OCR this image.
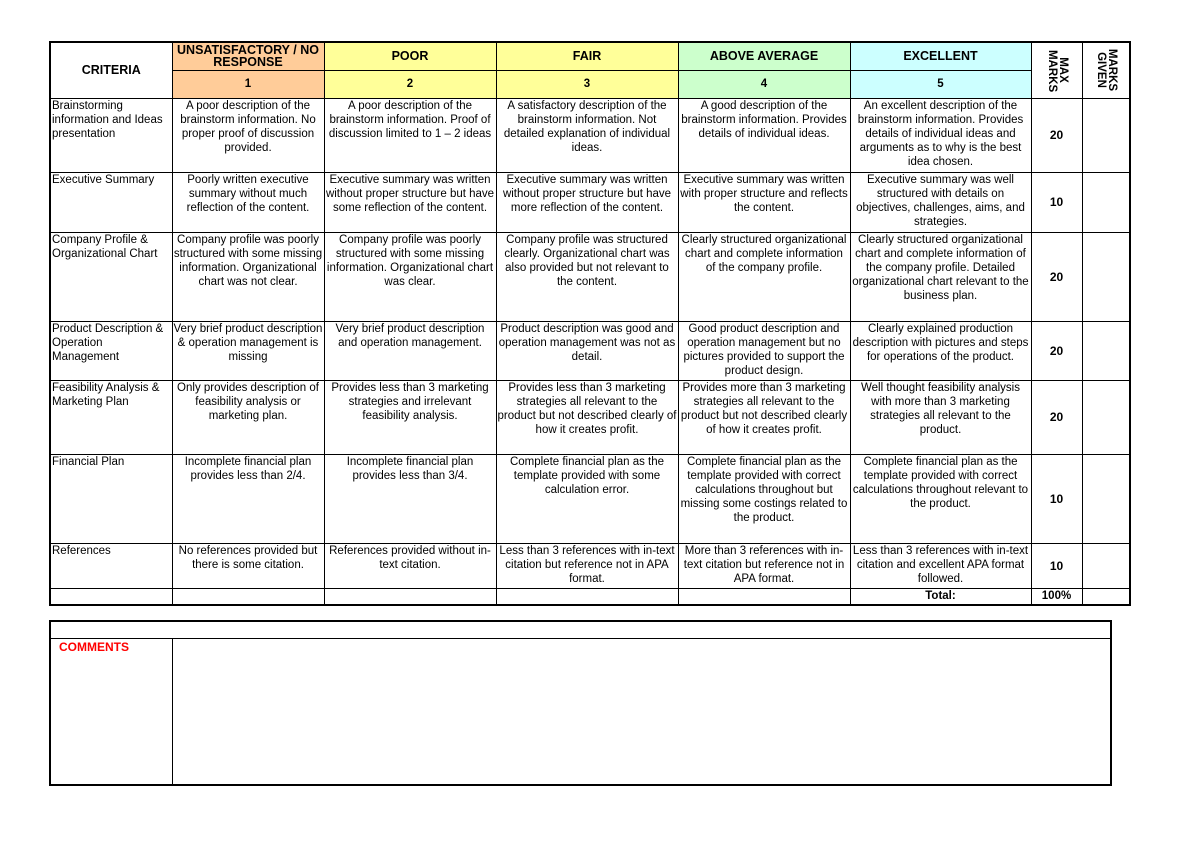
CRITERIA	UNSATISFACTORY / NO RESPONSE	POOR	FAIR	ABOVE AVERAGE	EXCELLENT	MAX MARKS	MARKS GIVEN
	1	2	3	4	5		
Brainstorming information and Ideas presentation	A poor description of the brainstorm information. No proper proof of discussion provided.	A poor description of the brainstorm information. Proof of discussion limited to 1 – 2 ideas	A satisfactory description of the brainstorm information. Not detailed explanation of individual ideas.	A good description of the brainstorm information. Provides details of individual ideas.	An excellent description of the brainstorm information. Provides details of individual ideas and arguments as to why is the best idea chosen.	20	
Executive Summary	Poorly written executive summary without much reflection of the content.	Executive summary was written without proper structure but have some reflection of the content.	Executive summary was written without proper structure but have more reflection of the content.	Executive summary was written with proper structure and reflects the content.	Executive summary was well structured with details on objectives, challenges, aims, and strategies.	10	
Company Profile & Organizational Chart	Company profile was poorly structured with some missing information. Organizational chart was not clear.	Company profile was poorly structured with some missing information. Organizational chart was clear.	Company profile was structured clearly. Organizational chart was also provided but not relevant to the content.	Clearly structured organizational chart and complete information of the company profile.	Clearly structured organizational chart and complete information of the company profile. Detailed organizational chart relevant to the business plan.	20	
Product Description & Operation Management	Very brief product description & operation management is missing	Very brief product description and operation management.	Product description was good and operation management was not as detail.	Good product description and operation management but no pictures provided to support the product design.	Clearly explained production description with pictures and steps for operations of the product.	20	
Feasibility Analysis & Marketing Plan	Only provides description of feasibility analysis or marketing plan.	Provides less than 3 marketing strategies and irrelevant feasibility analysis.	Provides less than 3 marketing strategies all relevant to the product but not described clearly of how it creates profit.	Provides more than 3 marketing strategies all relevant to the product but not described clearly of how it creates profit.	Well thought feasibility analysis with more than 3 marketing strategies all relevant to the product.	20	
Financial Plan	Incomplete financial plan provides less than 2/4.	Incomplete financial plan provides less than 3/4.	Complete financial plan as the template provided with some calculation error.	Complete financial plan as the template provided with correct calculations throughout but missing some costings related to the product.	Complete financial plan as the template provided with correct calculations throughout relevant to the product.	10	
References	No references provided but there is some citation.	References provided without in-text citation.	Less than 3 references with in-text citation but reference not in APA format.	More than 3 references with in-text citation but reference not in APA format.	Less than 3 references with in-text citation and excellent APA format followed.	10	
					Total:	100%	
COMMENTS
